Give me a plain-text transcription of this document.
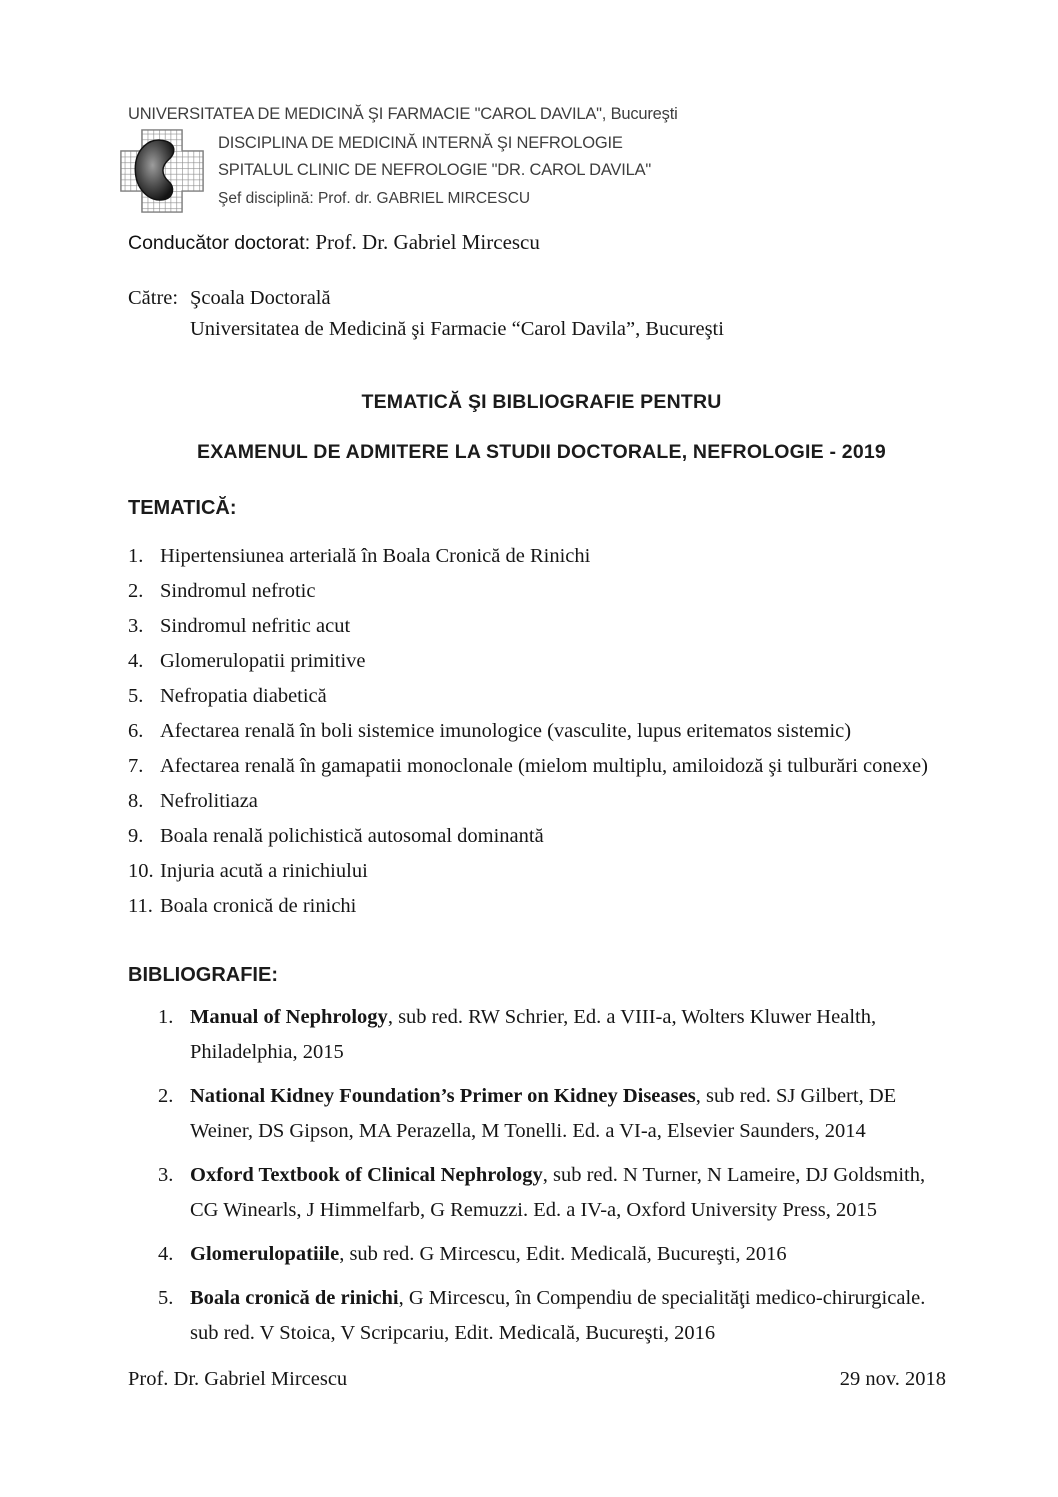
UNIVERSITATEA DE MEDICINĂ ŞI FARMACIE "CAROL DAVILA", Bucureşti
DISCIPLINA DE MEDICINĂ INTERNĂ ŞI NEFROLOGIE
SPITALUL CLINIC DE NEFROLOGIE "DR. CAROL DAVILA"
Şef disciplină: Prof. dr. GABRIEL MIRCESCU
Conducător doctorat: Prof. Dr. Gabriel Mircescu
Către: Şcoala Doctorală
Universitatea de Medicină şi Farmacie “Carol Davila”, Bucureşti
TEMATICĂ ŞI BIBLIOGRAFIE PENTRU
EXAMENUL DE ADMITERE LA STUDII DOCTORALE, NEFROLOGIE - 2019
TEMATICĂ:
1. Hipertensiunea arterială în Boala Cronică de Rinichi
2. Sindromul nefrotic
3. Sindromul nefritic acut
4. Glomerulopatii primitive
5. Nefropatia diabetică
6. Afectarea renală în boli sistemice imunologice (vasculite, lupus eritematos sistemic)
7. Afectarea renală în gamapatii monoclonale (mielom multiplu, amiloidoză şi tulburări conexe)
8. Nefrolitiaza
9. Boala renală polichistică autosomal dominantă
10. Injuria acută a rinichiului
11. Boala cronică de rinichi
BIBLIOGRAFIE:
1. Manual of Nephrology, sub red. RW Schrier, Ed. a VIII-a, Wolters Kluwer Health, Philadelphia, 2015
2. National Kidney Foundation’s Primer on Kidney Diseases, sub red. SJ Gilbert, DE Weiner, DS Gipson, MA Perazella, M Tonelli. Ed. a VI-a, Elsevier Saunders, 2014
3. Oxford Textbook of Clinical Nephrology, sub red. N Turner, N Lameire, DJ Goldsmith, CG Winearls, J Himmelfarb, G Remuzzi. Ed. a IV-a, Oxford University Press, 2015
4. Glomerulopatiile, sub red. G Mircescu, Edit. Medicală, Bucureşti, 2016
5. Boala cronică de rinichi, G Mircescu, în Compendiu de specialităţi medico-chirurgicale. sub red. V Stoica, V Scripcariu, Edit. Medicală, Bucureşti, 2016
Prof. Dr. Gabriel Mircescu	29 nov. 2018
